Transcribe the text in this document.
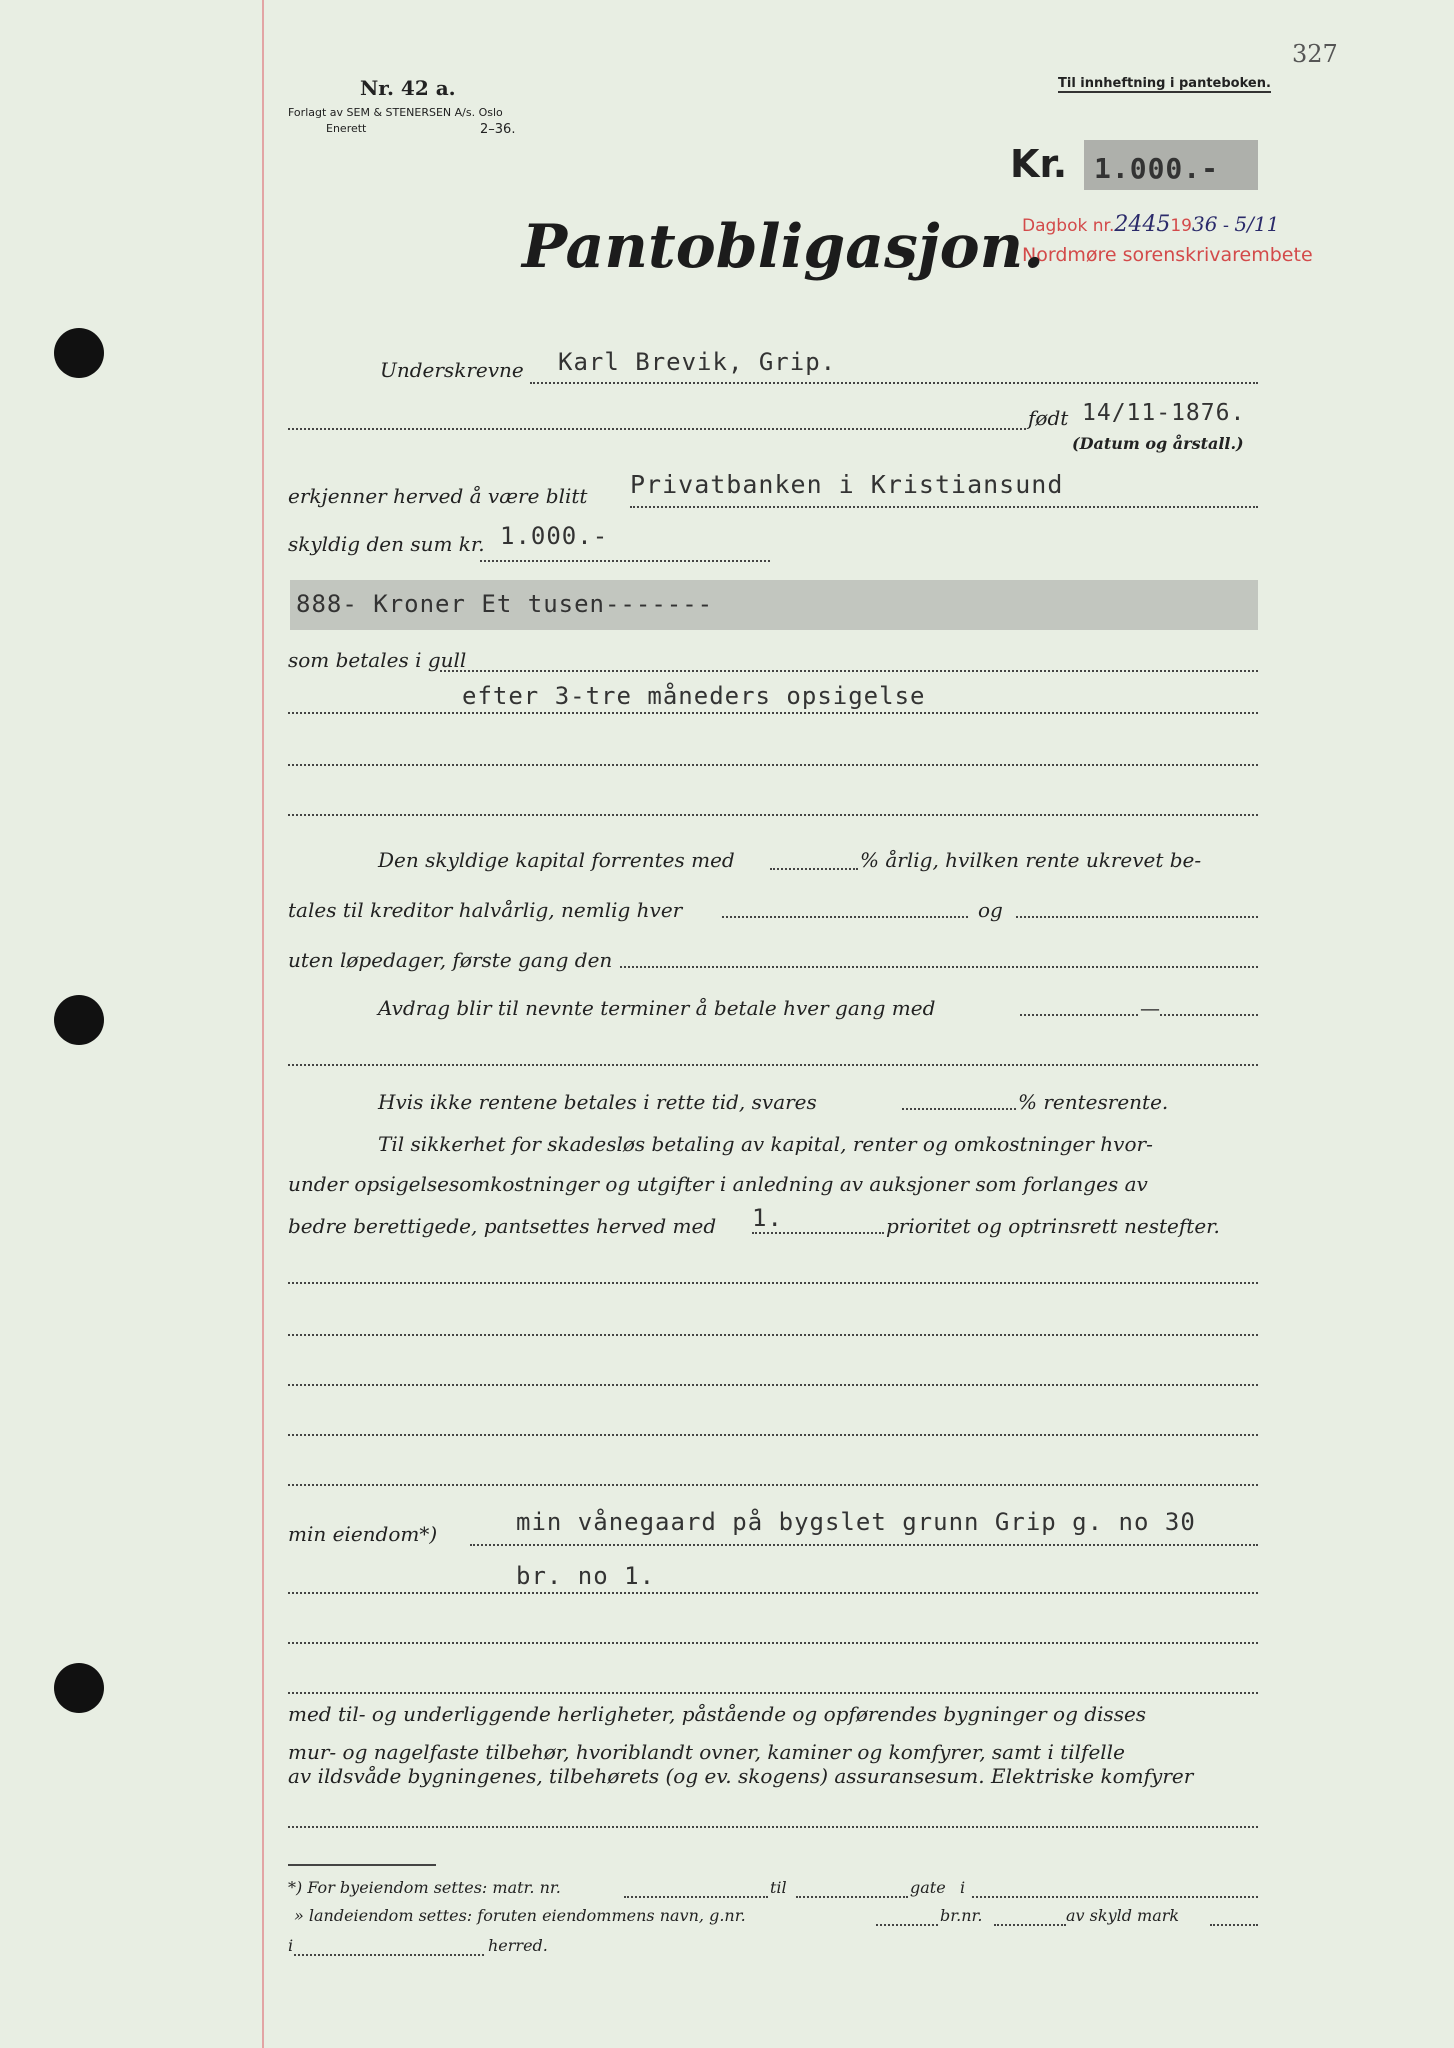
327
Nr. 42 a.
Forlagt av SEM & STENERSEN A/s. Oslo
Enerett	2–36.
Til innheftning i panteboken.
Kr. 1.000.-
Dagbok nr.24451936 - 5/11
Nordmøre sorenskrivarembete
Pantobligasjon.
Underskrevne Karl Brevik, Grip.
født 14/11-1876.
(Datum og årstall.)
erkjenner herved å være blitt Privatbanken i Kristiansund
skyldig den sum kr. 1.000.-
888- Kroner Et tusen-------
som betales i gull
efter 3-tre måneders opsigelse
Den skyldige kapital forrentes med	% årlig, hvilken rente ukrevet be-
tales til kreditor halvårlig, nemlig hver	og
uten løpedager, første gang den
Avdrag blir til nevnte terminer å betale hver gang med	—
Hvis ikke rentene betales i rette tid, svares	% rentesrente.
Til sikkerhet for skadesløs betaling av kapital, renter og omkostninger hvor-
under opsigelsesomkostninger og utgifter i anledning av auksjoner som forlanges av
bedre berettigede, pantsettes herved med 1.	prioritet og optrinsrett nestefter.
min eiendom*)	min vånegaard på bygslet grunn Grip g. no 30
br. no 1.
med til- og underliggende herligheter, påstående og opførendes bygninger og disses
mur- og nagelfaste tilbehør, hvoriblandt ovner, kaminer og komfyrer, samt i tilfelle
av ildsvåde bygningenes, tilbehørets (og ev. skogens) assuransesum. Elektriske komfyrer
*) For byeiendom settes: matr. nr.	til	gate i
» landeiendom settes: foruten eiendommens navn, g.nr.	br.nr.	av skyld mark
i	herred.
